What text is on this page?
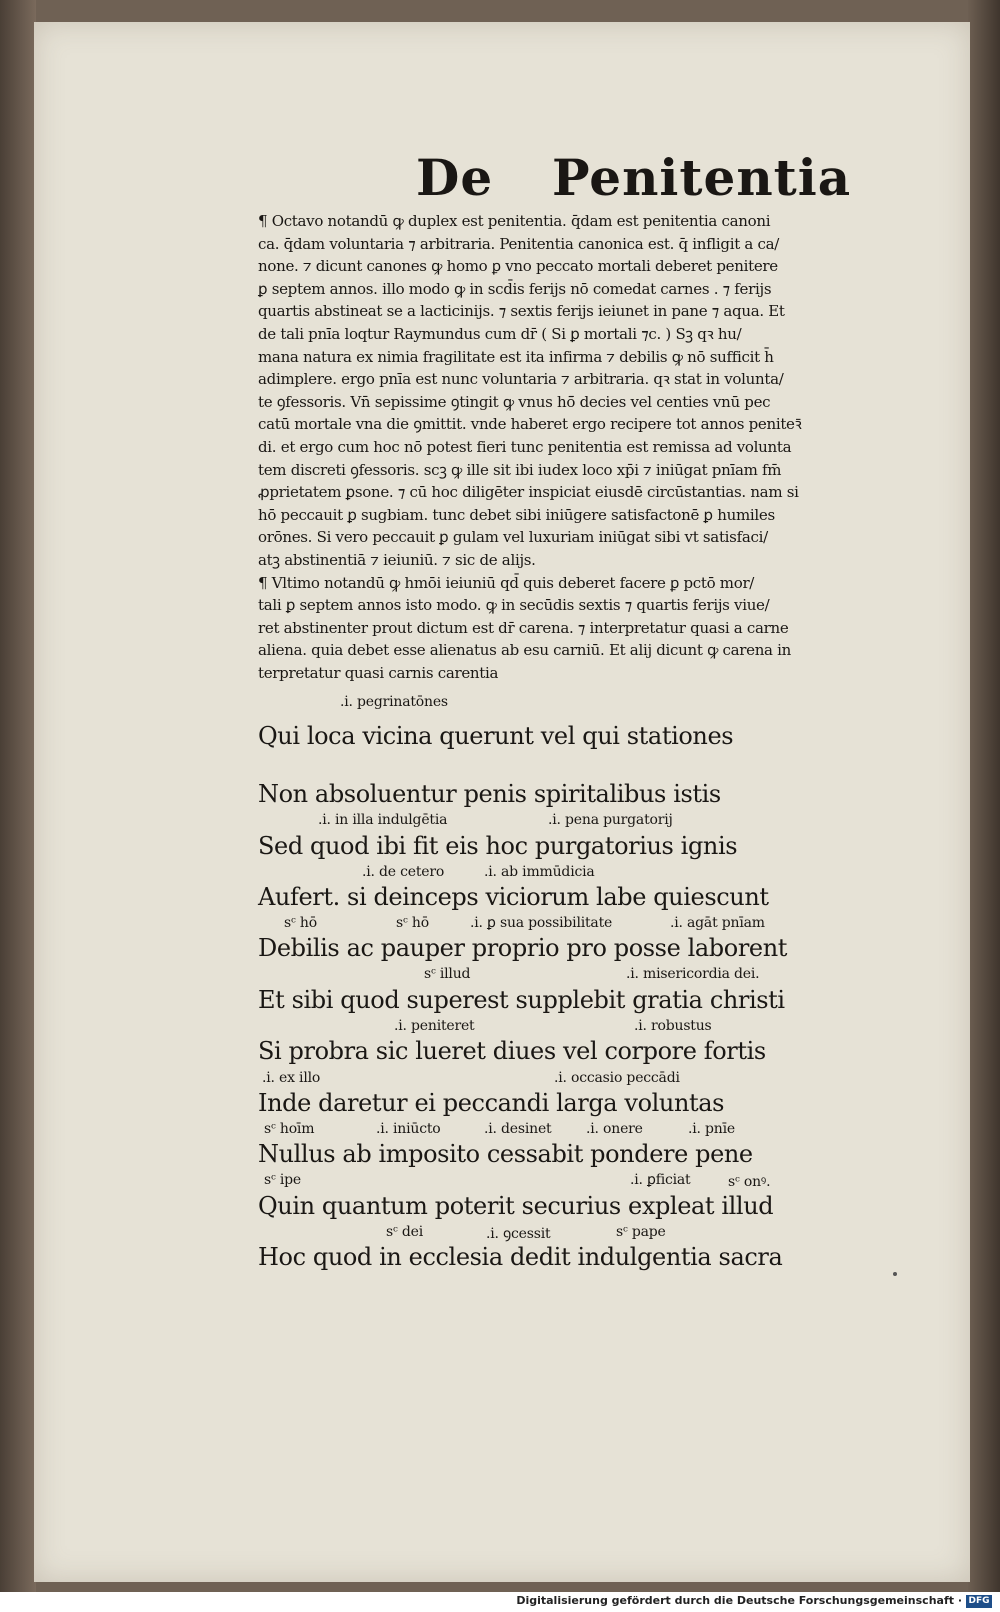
De Penitentia
¶ Octavo notandū ꝙ duplex est penitentia. q̄dam est penitentia canoni
ca. q̄dam voluntaria ⁊ arbitraria. Penitentia canonica est. q̄ infligit a ca/
none. ⁊ dicunt canones ꝙ homo ꝑ vno peccato mortali deberet penitere
ꝑ septem annos. illo modo ꝙ in scd̄is ferijs nō comedat carnes . ⁊ ferijs
quartis abstineat se a lacticinijs. ⁊ sextis ferijs ieiunet in pane ⁊ aqua. Et
de tali pnīa loqtur Raymundus cum dr̄ ( Si ꝑ mortali ⁊c. ) Sꝫ qꝛ hu/
mana natura ex nimia fragilitate est ita infirma ⁊ debilis ꝙ nō sufficit h̄
adimplere. ergo pnīa est nunc voluntaria ⁊ arbitraria. qꝛ stat in volunta/
te ꝯfessoris. Vn̄ sepissime ꝯtingit ꝙ vnus hō̄ decies vel centies vnū pec
catū mortale vna die ꝯmittit. vnde haberet ergo recipere tot annos peniteꝛ̄
di. et ergo cum hoc nō potest fieri tunc penitentia est remissa ad volunta
tem discreti ꝯfessoris. scꝫ ꝙ ille sit ibi iudex loco xp̄i ⁊ iniūgat pnīam fm̄
ꝓprietatem ꝑsone. ⁊ cū hoc diligēter inspiciat eiusdē circūstantias. nam si
hō peccauit ꝑ sugbiam. tunc debet sibi iniūgere satisfactonē ꝑ humiles
orōnes. Si vero peccauit ꝑ gulam vel luxuriam iniūgat sibi vt satisfaci/
atꝫ abstinentiā ⁊ ieiuniū. ⁊ sic de alijs.
¶ Vltimo notandū ꝙ hmōi ieiuniū qd̄ quis deberet facere ꝑ pctō mor/
tali ꝑ septem annos isto modo. ꝙ in secūdis sextis ⁊ quartis ferijs viue/
ret abstinenter prout dictum est dr̄ carena. ⁊ interpretatur quasi a carne
aliena. quia debet esse alienatus ab esu carniū. Et alij dicunt ꝙ carena in
terpretatur quasi carnis carentia
.i. pegrinatōnes
.i. in illa indulgētia	.i. pena purgatorij
.i. de cetero	.i. ab immūdicia
sᶜ hō	sᶜ hō	.i. ꝑ sua possibilitate	.i. agāt pnīam
sᶜ illud	.i. misericordia dei.
.i. peniteret	.i. robustus
.i. ex illo	.i. occasio peccādi
sᶜ hoīm	.i. iniūcto	.i. desinet .i. onere	.i. pnīe
sᶜ ipe	.i. ꝑficiat	sᶜ onꝰ.
sᶜ dei	.i. ꝯcessit	sᶜ pape
Qui loca vicina querunt vel qui stationes
Non absoluentur penis spiritalibus istis
Sed quod ibi fit eis hoc purgatorius ignis
Aufert. si deinceps viciorum labe quiescunt
Debilis ac pauper proprio pro posse laborent
Et sibi quod superest supplebit gratia christi
Si probra sic lueret diues vel corpore fortis
Inde daretur ei peccandi larga voluntas
Nullus ab imposito cessabit pondere pene
Quin quantum poterit securius expleat illud
Hoc quod in ecclesia dedit indulgentia sacra
Digitalisierung gefördert durch die Deutsche Forschungsgemeinschaft · DFG
